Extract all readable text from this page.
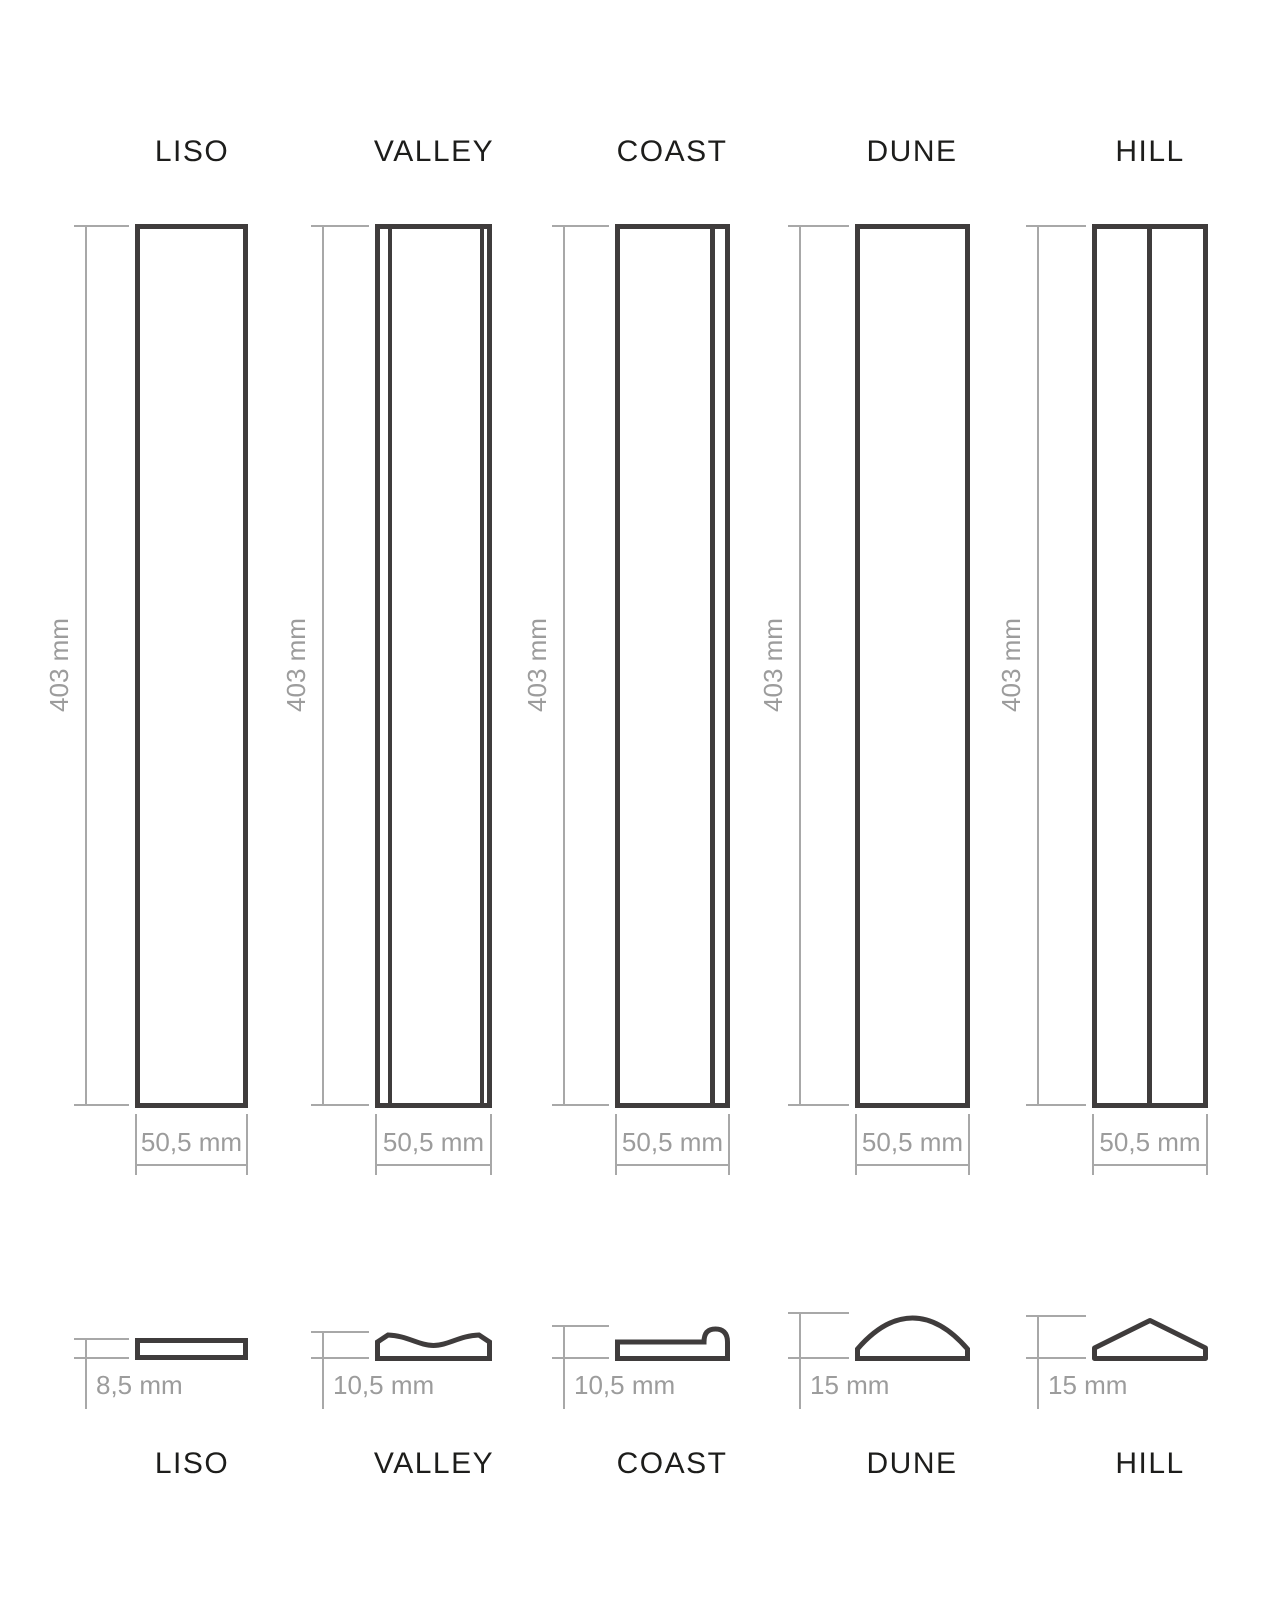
LISO	VALLEY	COAST	DUNE	HILL
403 mm	403 mm	403 mm	403 mm	403 mm
50,5 mm	50,5 mm	50,5 mm	50,5 mm	50,5 mm
8,5 mm	10,5 mm	10,5 mm	15 mm	15 mm
LISO	VALLEY	COAST	DUNE	HILL
